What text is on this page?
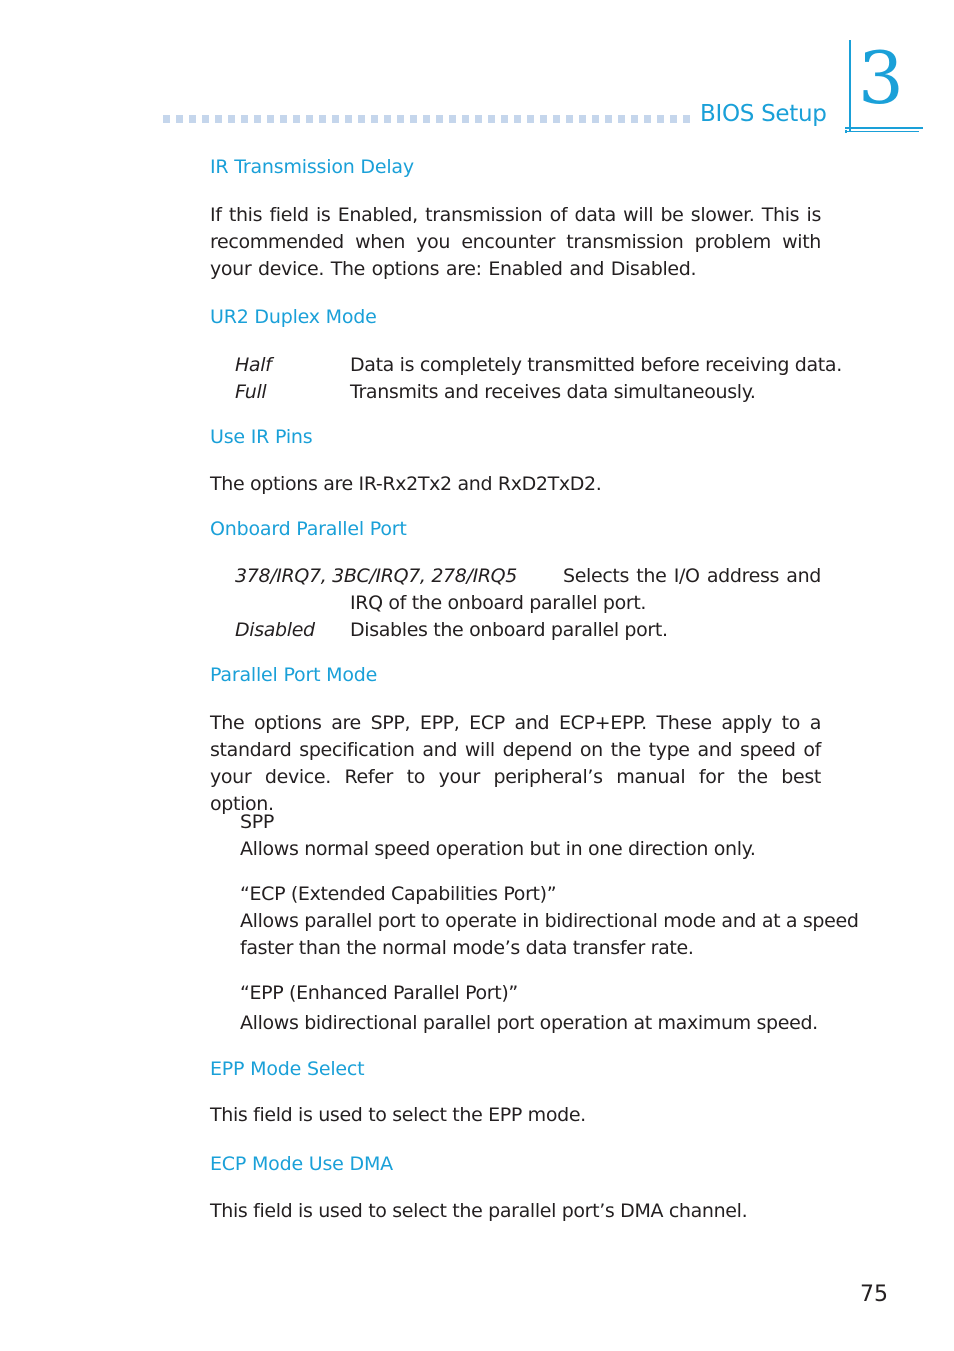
BIOS Setup 3
IR Transmission Delay
If this field is Enabled, transmission of data will be slower. This is recommended when you encounter transmission problem with your device. The options are: Enabled and Disabled.
UR2 Duplex Mode
Half	Data is completely transmitted before receiving data.
Full	Transmits and receives data simultaneously.
Use IR Pins
The options are IR-Rx2Tx2 and RxD2TxD2.
Onboard Parallel Port
378/IRQ7, 3BC/IRQ7, 278/IRQ5 Selects the I/O address and
IRQ of the onboard parallel port.
Disabled Disables the onboard parallel port.
Parallel Port Mode
The options are SPP, EPP, ECP and ECP+EPP. These apply to a standard specification and will depend on the type and speed of your device. Refer to your peripheral’s manual for the best option.
SPP
Allows normal speed operation but in one direction only.
“ECP (Extended Capabilities Port)”
Allows parallel port to operate in bidirectional mode and at a speed
faster than the normal mode’s data transfer rate.
“EPP (Enhanced Parallel Port)”
Allows bidirectional parallel port operation at maximum speed.
EPP Mode Select
This field is used to select the EPP mode.
ECP Mode Use DMA
This field is used to select the parallel port’s DMA channel.
75
